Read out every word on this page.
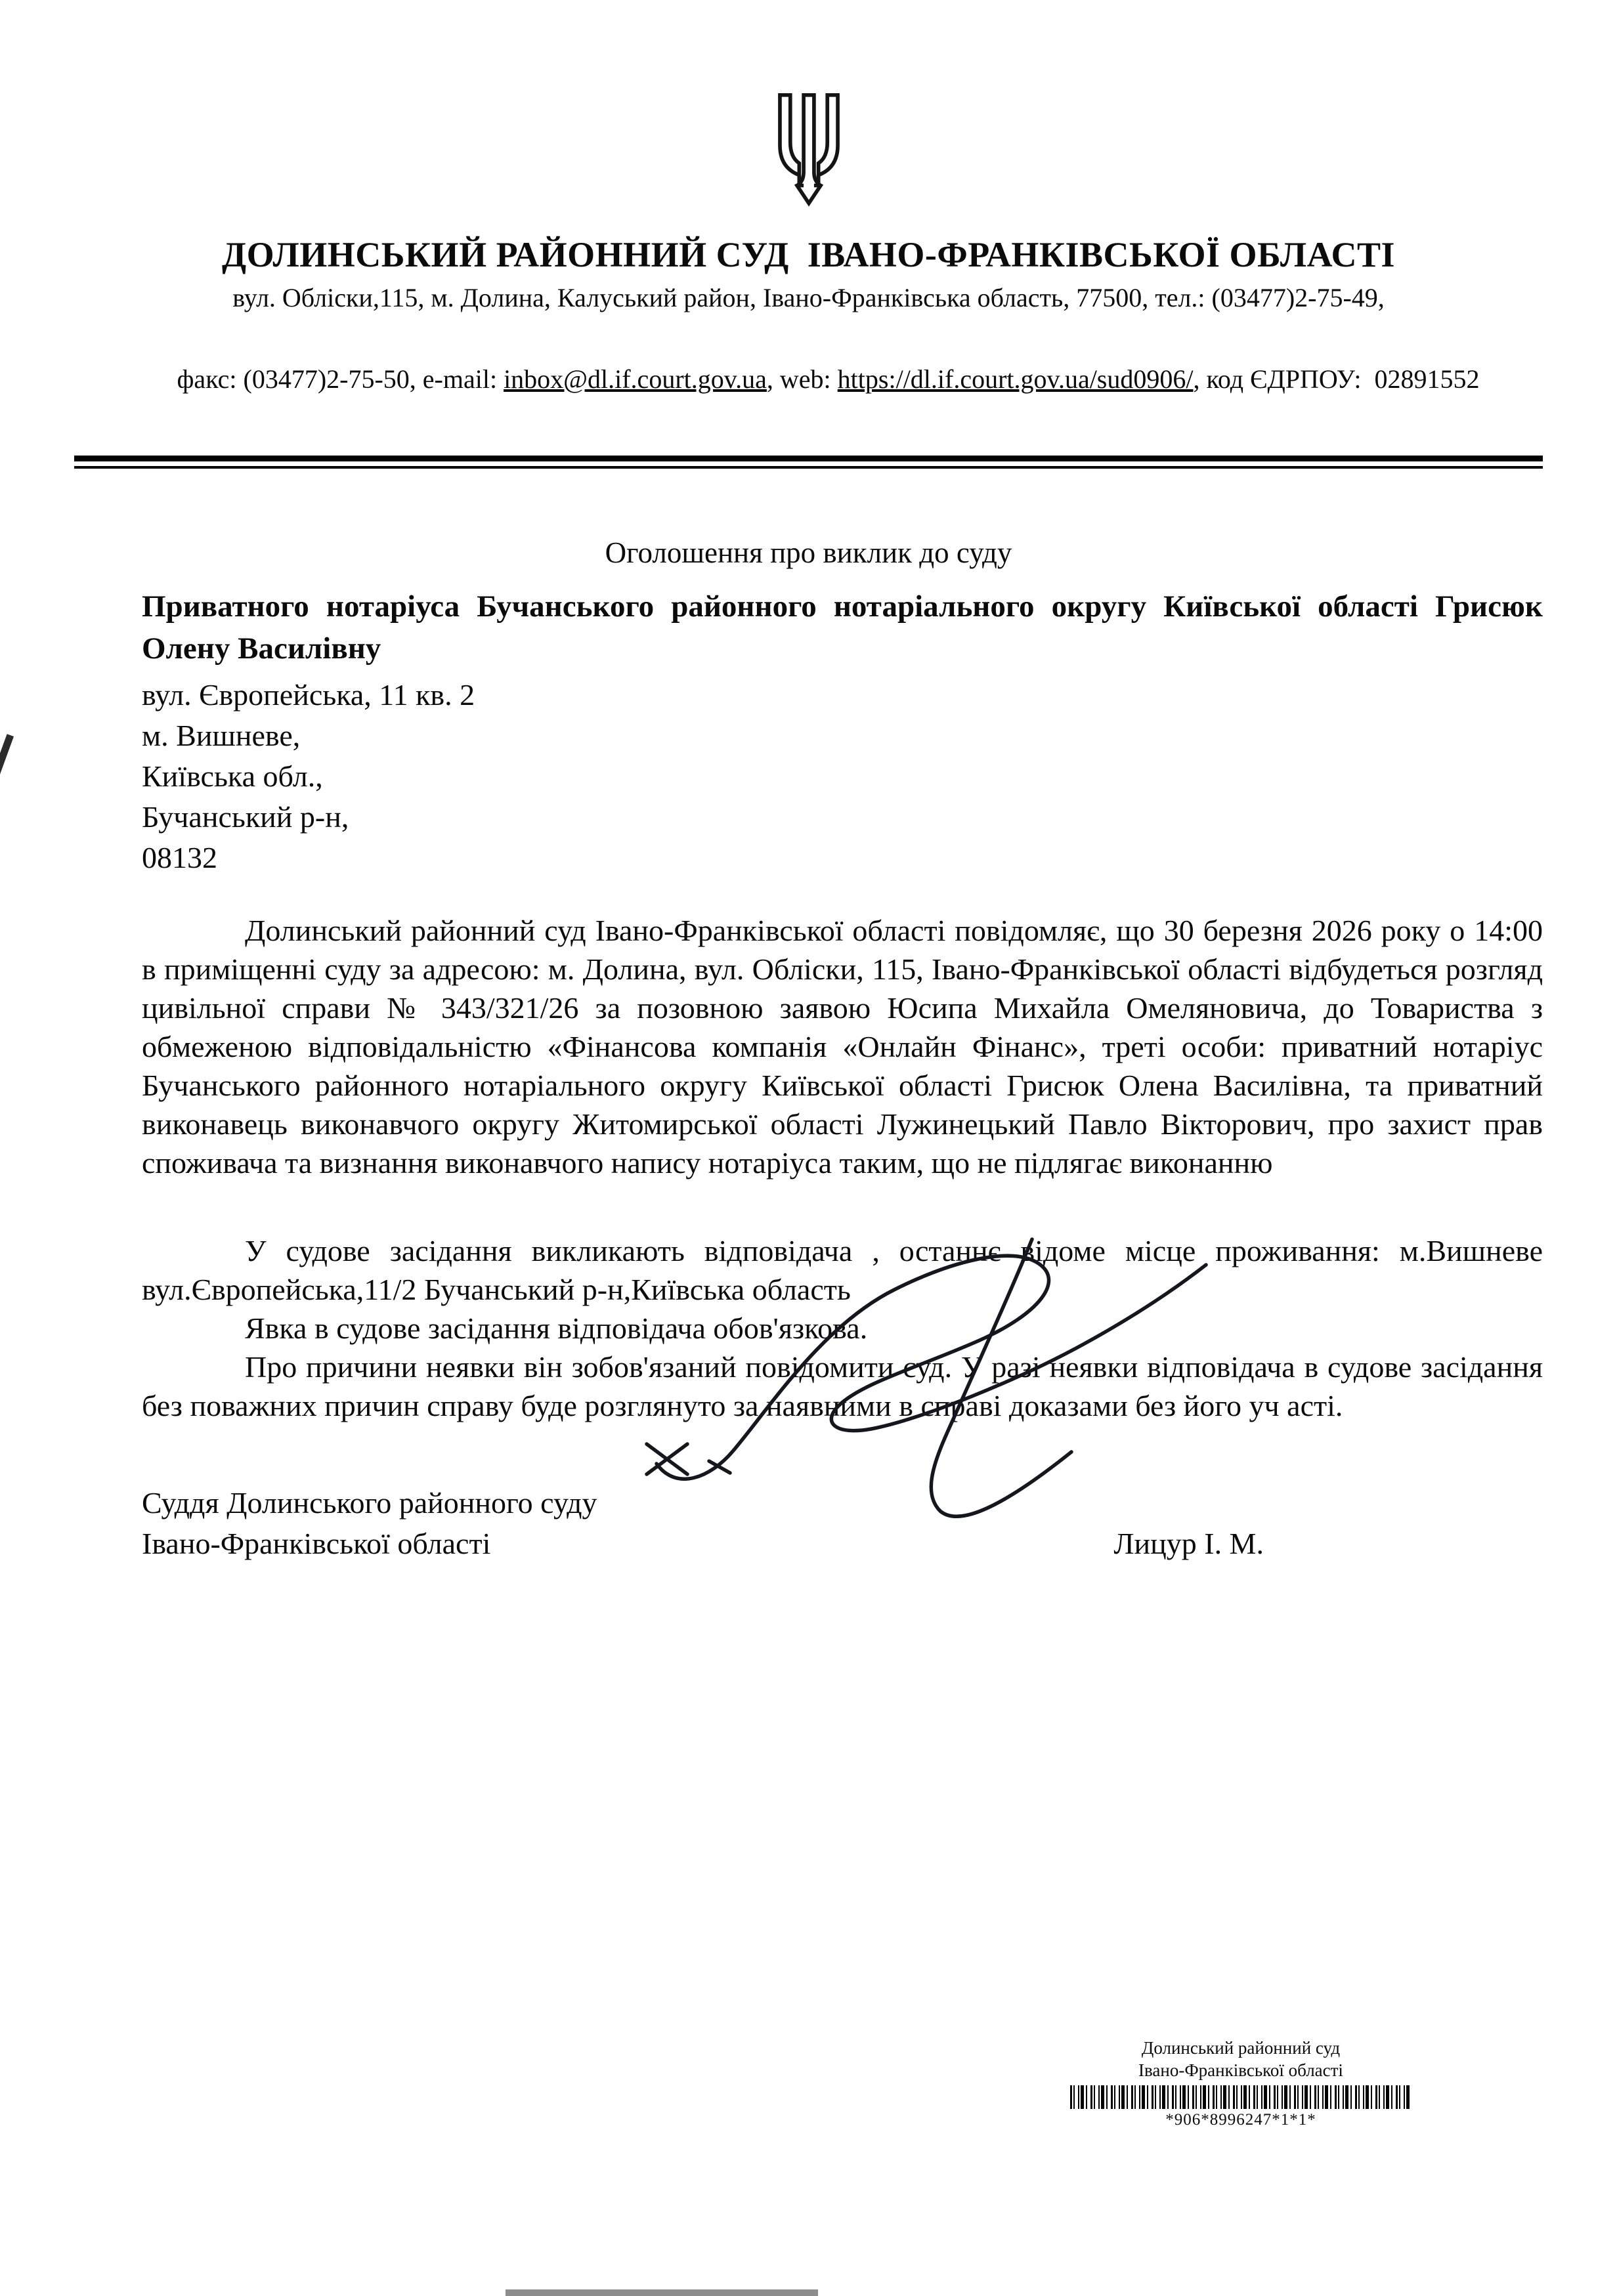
ДОЛИНСЬКИЙ РАЙОННИЙ СУД  ІВАНО-ФРАНКІВСЬКОЇ ОБЛАСТІ
вул. Обліски,115, м. Долина, Калуський район, Івано-Франківська область, 77500, тел.: (03477)2-75-49,

факс: (03477)2-75-50, e-mail: inbox@dl.if.court.gov.ua, web: https://dl.if.court.gov.ua/sud0906/, код ЄДРПОУ:  02891552

Оголошення про виклик до суду

Приватного нотаріуса Бучанського районного нотаріального округу Київської області Грисюк Олену Василівну

вул. Європейська, 11 кв. 2
м. Вишневе,
Київська обл.,
Бучанський р-н,
08132

Долинський районний суд Івано-Франківської області повідомляє, що 30 березня 2026 року о 14:00 в приміщенні суду за адресою: м. Долина, вул. Обліски, 115, Івано-Франківської області відбудеться розгляд цивільної справи № 343/321/26 за позовною заявою Юсипа Михайла Омеляновича, до Товариства з обмеженою відповідальністю «Фінансова компанія «Онлайн Фінанс», треті особи: приватний нотаріус Бучанського районного нотаріального округу Київської області Грисюк Олена Василівна, та приватний виконавець виконавчого округу Житомирської області Лужинецький Павло Вікторович, про захист прав споживача та визнання виконавчого напису нотаріуса таким, що не підлягає виконанню

У судове засідання викликають відповідача , останнє відоме місце проживання: м.Вишневе вул.Європейська,11/2 Бучанський р-н,Київська область

Явка в судове засідання відповідача обов'язкова.

Про причини неявки він зобов'язаний повідомити суд. У разі неявки відповідача в судове засідання без поважних причин справу буде розглянуто за наявними в справі доказами без його уч асті.

Суддя Долинського районного суду
Івано-Франківської області	Лицур І. М.
Долинський районний суд
Івано-Франківської області
*906*8996247*1*1*
